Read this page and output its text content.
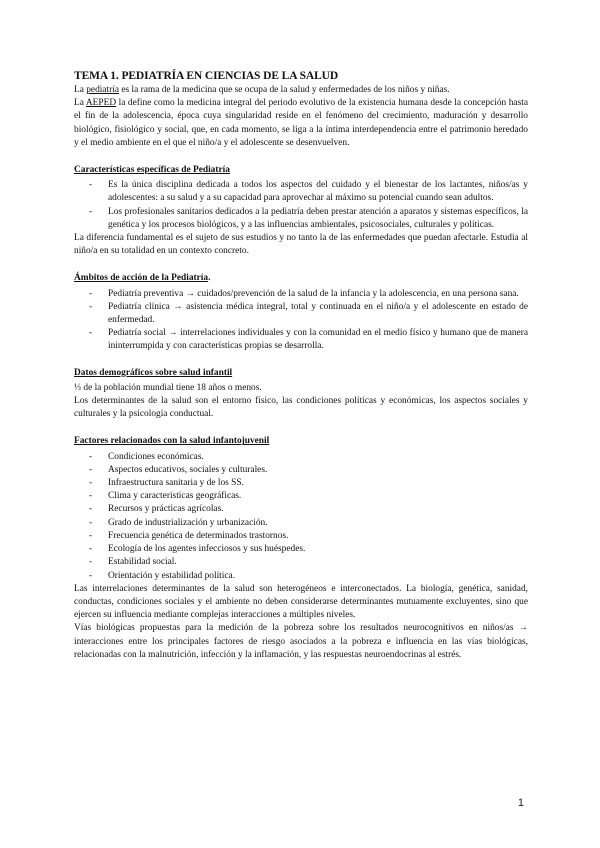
TEMA 1. PEDIATRÍA EN CIENCIAS DE LA SALUD

La pediatría es la rama de la medicina que se ocupa de la salud y enfermedades de los niños y niñas.

La AEPED la define como la medicina integral del periodo evolutivo de la existencia humana desde la concepción hasta el fin de la adolescencia, época cuya singularidad reside en el fenómeno del crecimiento, maduración y desarrollo biológico, fisiológico y social, que, en cada momento, se liga a la íntima interdependencia entre el patrimonio heredado y el medio ambiente en el que el niño/a y el adolescente se desenvuelven.

Características específicas de Pediatría
- Es la única disciplina dedicada a todos los aspectos del cuidado y el bienestar de los lactantes, niños/as y adolescentes: a su salud y a su capacidad para aprovechar al máximo su potencial cuando sean adultos.
- Los profesionales sanitarios dedicados a la pediatría deben prestar atención a aparatos y sistemas específicos, la genética y los procesos biológicos, y a las influencias ambientales, psicosociales, culturales y políticas.

La diferencia fundamental es el sujeto de sus estudios y no tanto la de las enfermedades que puedan afectarle. Estudia al niño/a en su totalidad en un contexto concreto.

Ámbitos de acción de la Pediatría.
- Pediatría preventiva → cuidados/prevención de la salud de la infancia y la adolescencia, en una persona sana.
- Pediatría clínica → asistencia médica integral, total y continuada en el niño/a y el adolescente en estado de enfermedad.
- Pediatría social → interrelaciones individuales y con la comunidad en el medio físico y humano que de manera ininterrumpida y con características propias se desarrolla.
Datos demográficos sobre salud infantil

⅓ de la población mundial tiene 18 años o menos.

Los determinantes de la salud son el entorno físico, las condiciones políticas y económicas, los aspectos sociales y culturales y la psicología conductual.

Factores relacionados con la salud infantojuvenil
- Condiciones económicas.
- Aspectos educativos, sociales y culturales.
- Infraestructura sanitaria y de los SS.
- Clima y características geográficas.
- Recursos y prácticas agrícolas.
- Grado de industrialización y urbanización.
- Frecuencia genética de determinados trastornos.
- Ecología de los agentes infecciosos y sus huéspedes.
- Estabilidad social.
- Orientación y estabilidad política.

Las interrelaciones determinantes de la salud son heterogéneos e interconectados. La biología, genética, sanidad, conductas, condiciones sociales y el ambiente no deben considerarse determinantes mutuamente excluyentes, sino que ejercen su influencia mediante complejas interacciones a múltiples niveles.

Vías biológicas propuestas para la medición de la pobreza sobre los resultados neurocognitivos en niños/as → interacciones entre los principales factores de riesgo asociados a la pobreza e influencia en las vías biológicas, relacionadas con la malnutrición, infección y la inflamación, y las respuestas neuroendocrinas al estrés.

1
